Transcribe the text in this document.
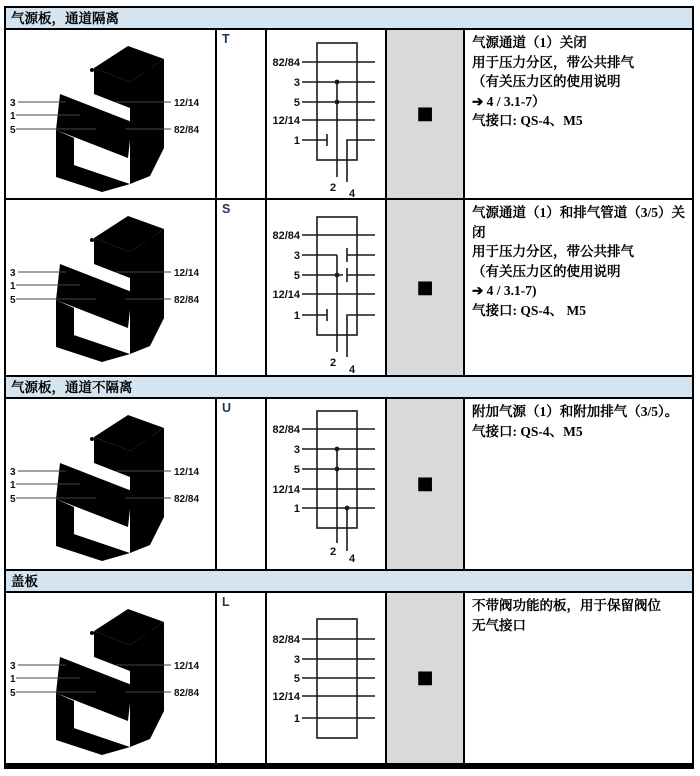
气源板，通道隔离
3
1
5
12/14
82/84
T
82/84
3
5
12/14
1
2 4
■
气源通道（1）关闭
用于压力分区，带公共排气
（有关压力区的使用说明
➔ 4 / 3.1-7）
气接口: QS-4、M5
3
1
5
12/14
82/84
S
82/84
3
5
12/14
1
2
4
■
气源通道（1）和排气管道（3/5）关闭
用于压力分区，带公共排气
（有关压力区的使用说明
➔ 4 / 3.1-7)
气接口: QS-4、 M5
气源板，通道不隔离
3
1
5
12/14
82/84
U
82/84
3
5
12/14
1
2
4
■
附加气源（1）和附加排气（3/5）。
气接口: QS-4、M5
盖板
3
1
5
12/14
82/84
L
82/84
3
5
12/14
1
■
不带阀功能的板，用于保留阀位
无气接口
